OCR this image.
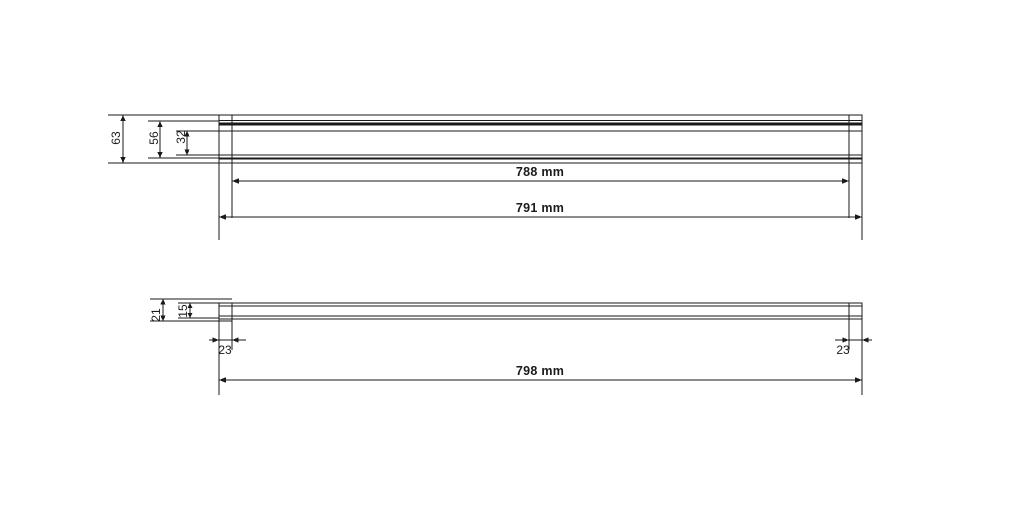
63 56 32
788 mm
791 mm
21 15
23	23
798 mm
